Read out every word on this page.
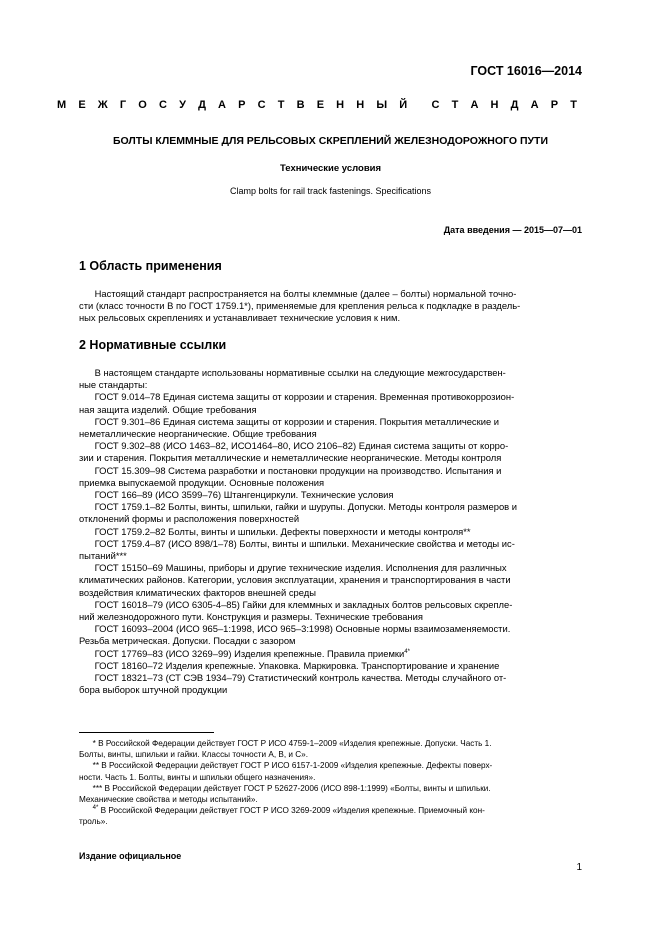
ГОСТ 16016—2014
М Е Ж Г О С У Д А Р С Т В Е Н Н Ы Й С Т А Н Д А Р Т
БОЛТЫ КЛЕММНЫЕ ДЛЯ РЕЛЬСОВЫХ СКРЕПЛЕНИЙ ЖЕЛЕЗНОДОРОЖНОГО ПУТИ
Технические условия
Clamp bolts for rail track fastenings. Specifications
Дата введения — 2015—07—01
1 Область применения
Настоящий стандарт распространяется на болты клеммные (далее – болты) нормальной точно-
сти (класс точности В по ГОСТ 1759.1*), применяемые для крепления рельса к подкладке в раздель-
ных рельсовых скреплениях и устанавливает технические условия к ним.
2 Нормативные ссылки
В настоящем стандарте использованы нормативные ссылки на следующие межгосударствен-
ные стандарты:
ГОСТ 9.014–78 Единая система защиты от коррозии и старения. Временная противокоррозион-
ная защита изделий. Общие требования
ГОСТ 9.301–86 Единая система защиты от коррозии и старения. Покрытия металлические и
неметаллические неорганические. Общие требования
ГОСТ 9.302–88 (ИСО 1463–82, ИСО1464–80, ИСО 2106–82) Единая система защиты от корро-
зии и старения. Покрытия металлические и неметаллические неорганические. Методы контроля
ГОСТ 15.309–98 Система разработки и постановки продукции на производство. Испытания и
приемка выпускаемой продукции. Основные положения
ГОСТ 166–89 (ИСО 3599–76) Штангенциркули. Технические условия
ГОСТ 1759.1–82 Болты, винты, шпильки, гайки и шурупы. Допуски. Методы контроля размеров и
отклонений формы и расположения поверхностей
ГОСТ 1759.2–82 Болты, винты и шпильки. Дефекты поверхности и методы контроля**
ГОСТ 1759.4–87 (ИСО 898/1–78) Болты, винты и шпильки. Механические свойства и методы ис-
пытаний***
ГОСТ 15150–69 Машины, приборы и другие технические изделия. Исполнения для различных
климатических районов. Категории, условия эксплуатации, хранения и транспортирования в части
воздействия климатических факторов внешней среды
ГОСТ 16018–79 (ИСО 6305-4–85) Гайки для клеммных и закладных болтов рельсовых скрепле-
ний железнодорожного пути. Конструкция и размеры. Технические требования
ГОСТ 16093–2004 (ИСО 965–1:1998, ИСО 965–3:1998) Основные нормы взаимозаменяемости.
Резьба метрическая. Допуски. Посадки с зазором
ГОСТ 17769–83 (ИСО 3269–99) Изделия крепежные. Правила приемки$^{4*}$
ГОСТ 18160–72 Изделия крепежные. Упаковка. Маркировка. Транспортирование и хранение
ГОСТ 18321–73 (СТ СЭВ 1934–79) Статистический контроль качества. Методы случайного от-
бора выборок штучной продукции
* В Российской Федерации действует ГОСТ Р ИСО 4759-1–2009 «Изделия крепежные. Допуски. Часть 1.
Болты, винты, шпильки и гайки. Классы точности A, B, и C».
** В Российской Федерации действует ГОСТ Р ИСО 6157-1-2009 «Изделия крепежные. Дефекты поверх-
ности. Часть 1. Болты, винты и шпильки общего назначения».
*** В Российской Федерации действует ГОСТ Р 52627-2006 (ИСО 898-1:1999) «Болты, винты и шпильки.
Механические свойства и методы испытаний».
$^{4*}$ В Российской Федерации действует ГОСТ Р ИСО 3269-2009 «Изделия крепежные. Приемочный кон-
троль».
Издание официальное
1
